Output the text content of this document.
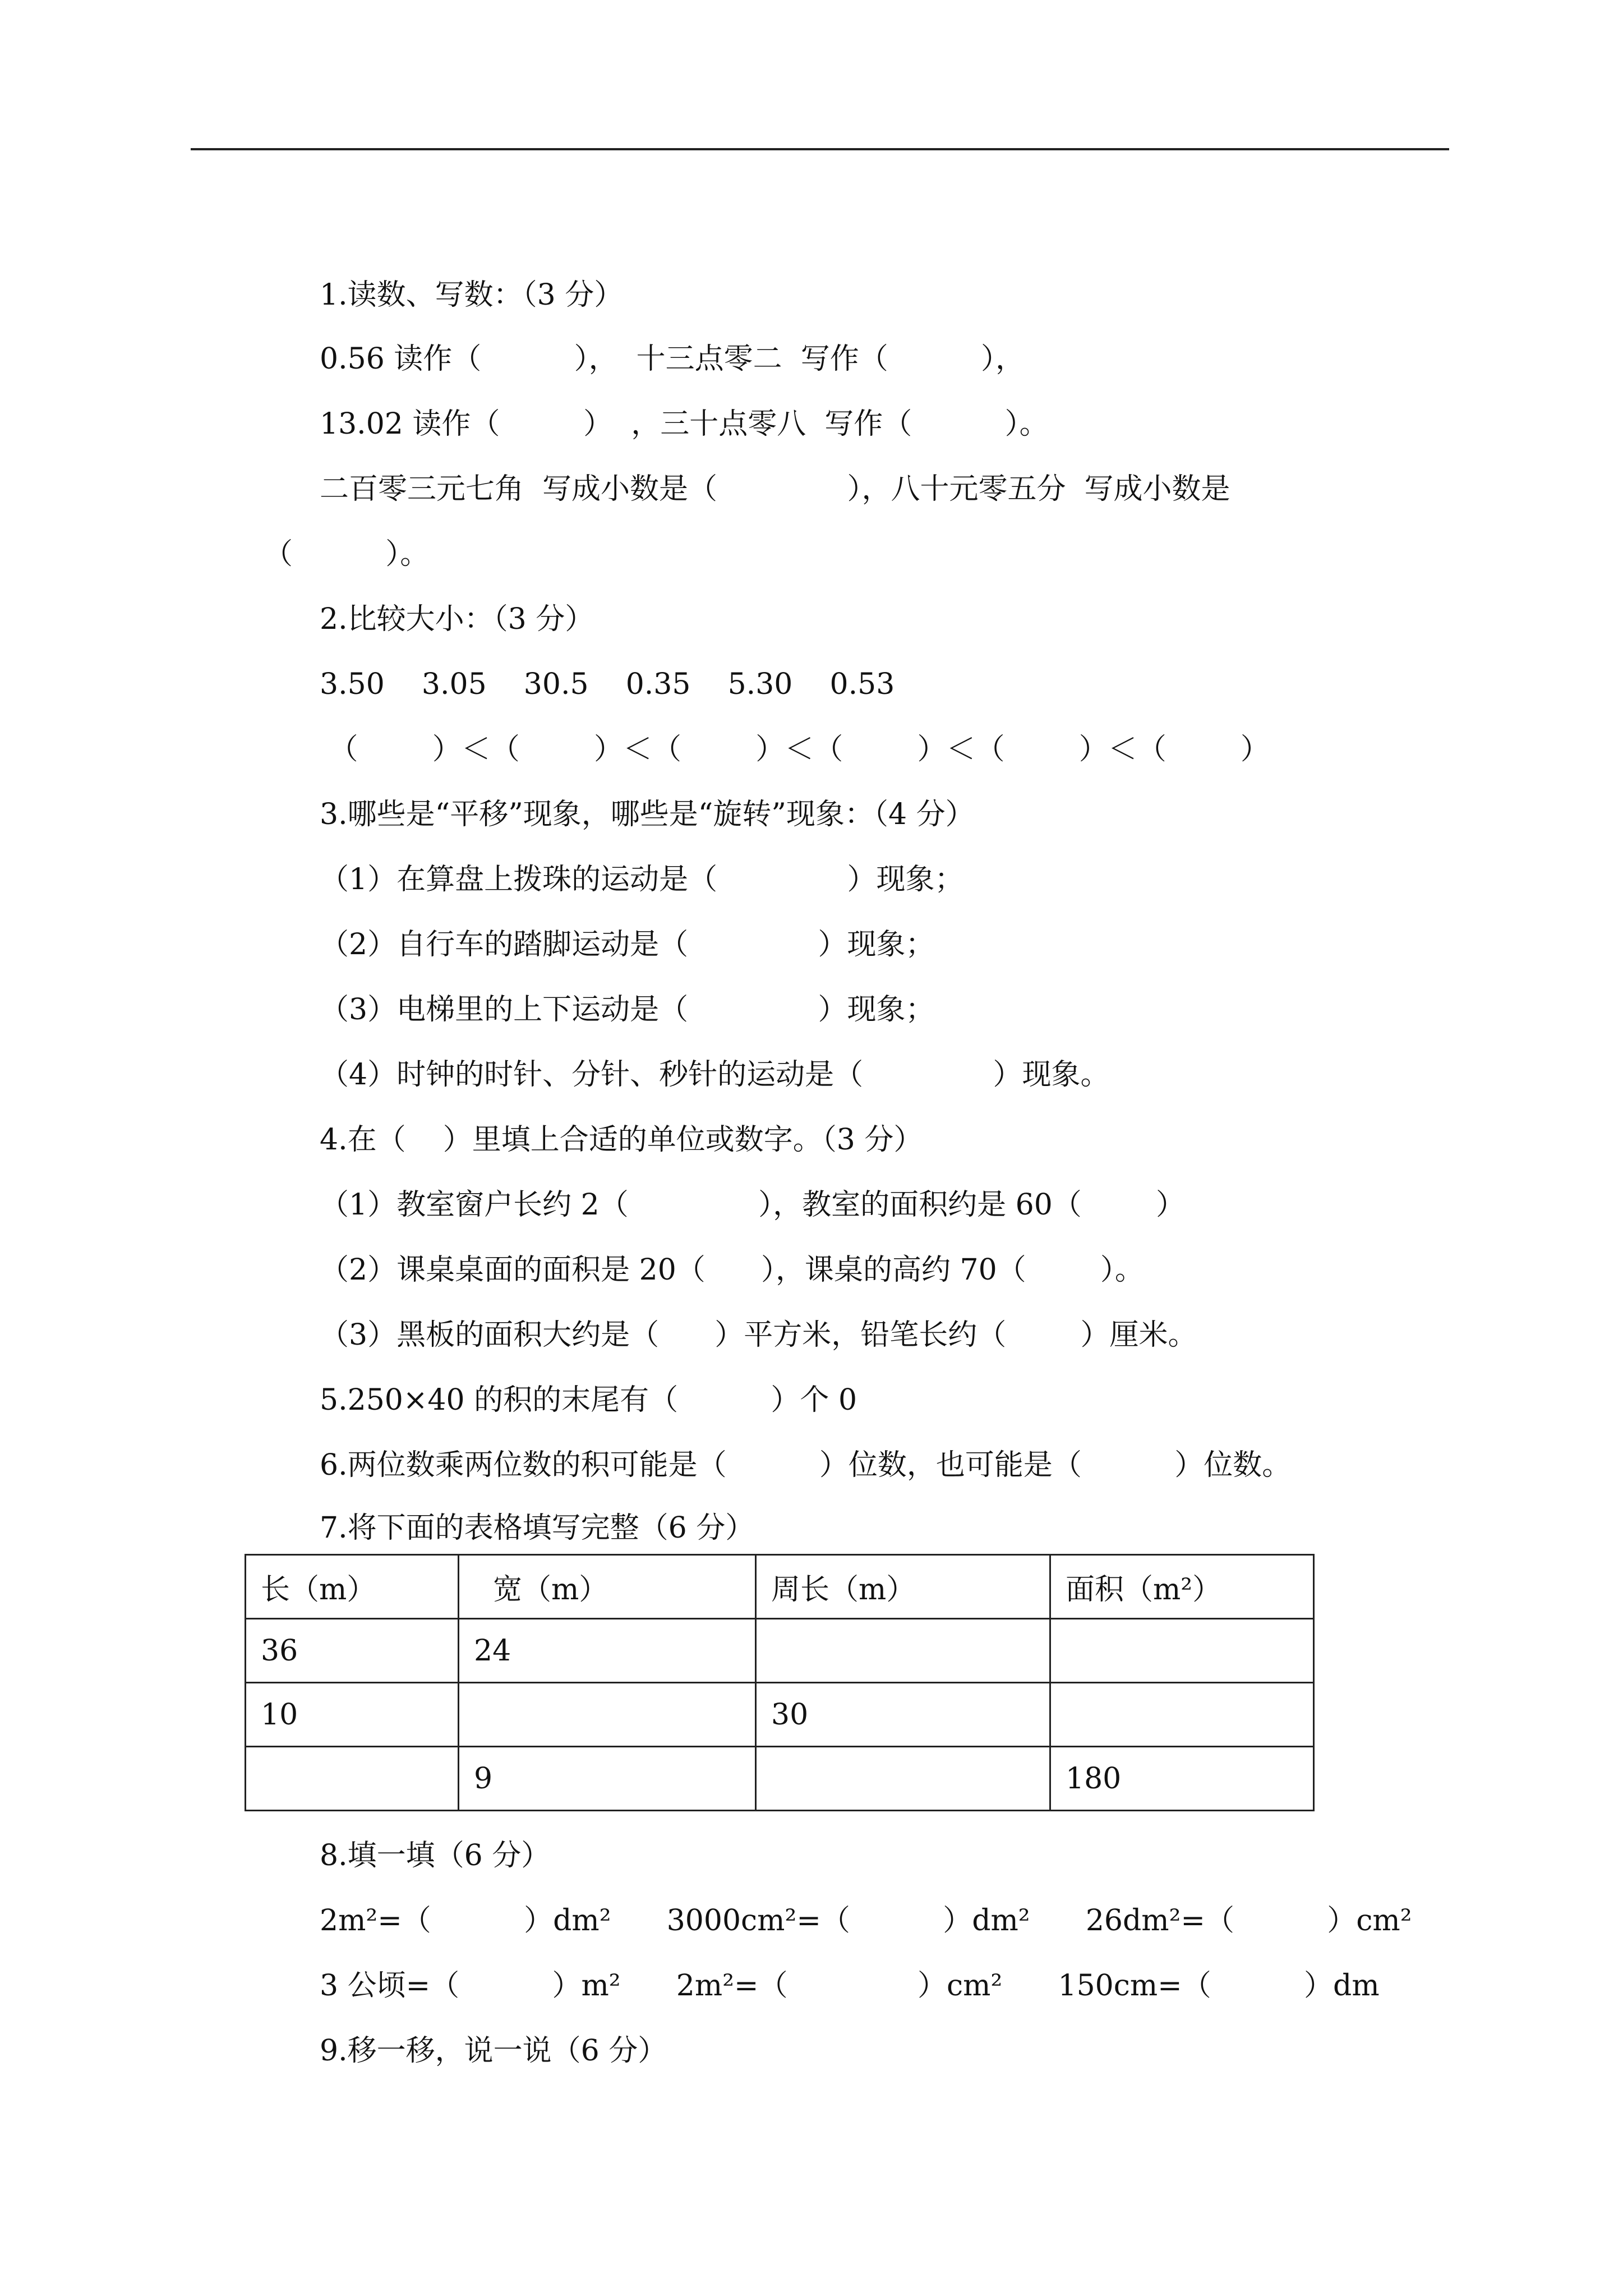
1.读数、写数：（3 分）
0.56 读作（          ），  十三点零二  写作（          ），
13.02 读作（         ）  ，三十点零八  写作（          ）。
二百零三元七角  写成小数是（              ），八十元零五分  写成小数是
（          ）。
2.比较大小：（3 分）
3.50    3.05    30.5    0.35    5.30    0.53
（        ）＜（        ）＜（        ）＜（        ）＜（        ）＜（        ）
3.哪些是“平移”现象，哪些是“旋转”现象：（4 分）
（1）在算盘上拨珠的运动是（              ）现象；
（2）自行车的踏脚运动是（              ）现象；
（3）电梯里的上下运动是（              ）现象；
（4）时钟的时针、分针、秒针的运动是（              ）现象。
4.在（    ）里填上合适的单位或数字。（3 分）
（1）教室窗户长约 2（              ），教室的面积约是 60（        ）
（2）课桌桌面的面积是 20（      ），课桌的高约 70（        ）。
（3）黑板的面积大约是（      ）平方米，铅笔长约（        ）厘米。
5.250×40 的积的末尾有（          ）个 0
6.两位数乘两位数的积可能是（          ）位数，也可能是（          ）位数。
7.将下面的表格填写完整（6 分）
长（m）	宽（m）	周长（m）	面积（m²）
36	24		
10		30	
	9		180
8.填一填（6 分）
2m²=（          ）dm²      3000cm²=（          ）dm²      26dm²=（          ）cm²
3 公顷=（          ）m²      2m²=（              ）cm²      150cm=（          ）dm
9.移一移，说一说（6 分）
